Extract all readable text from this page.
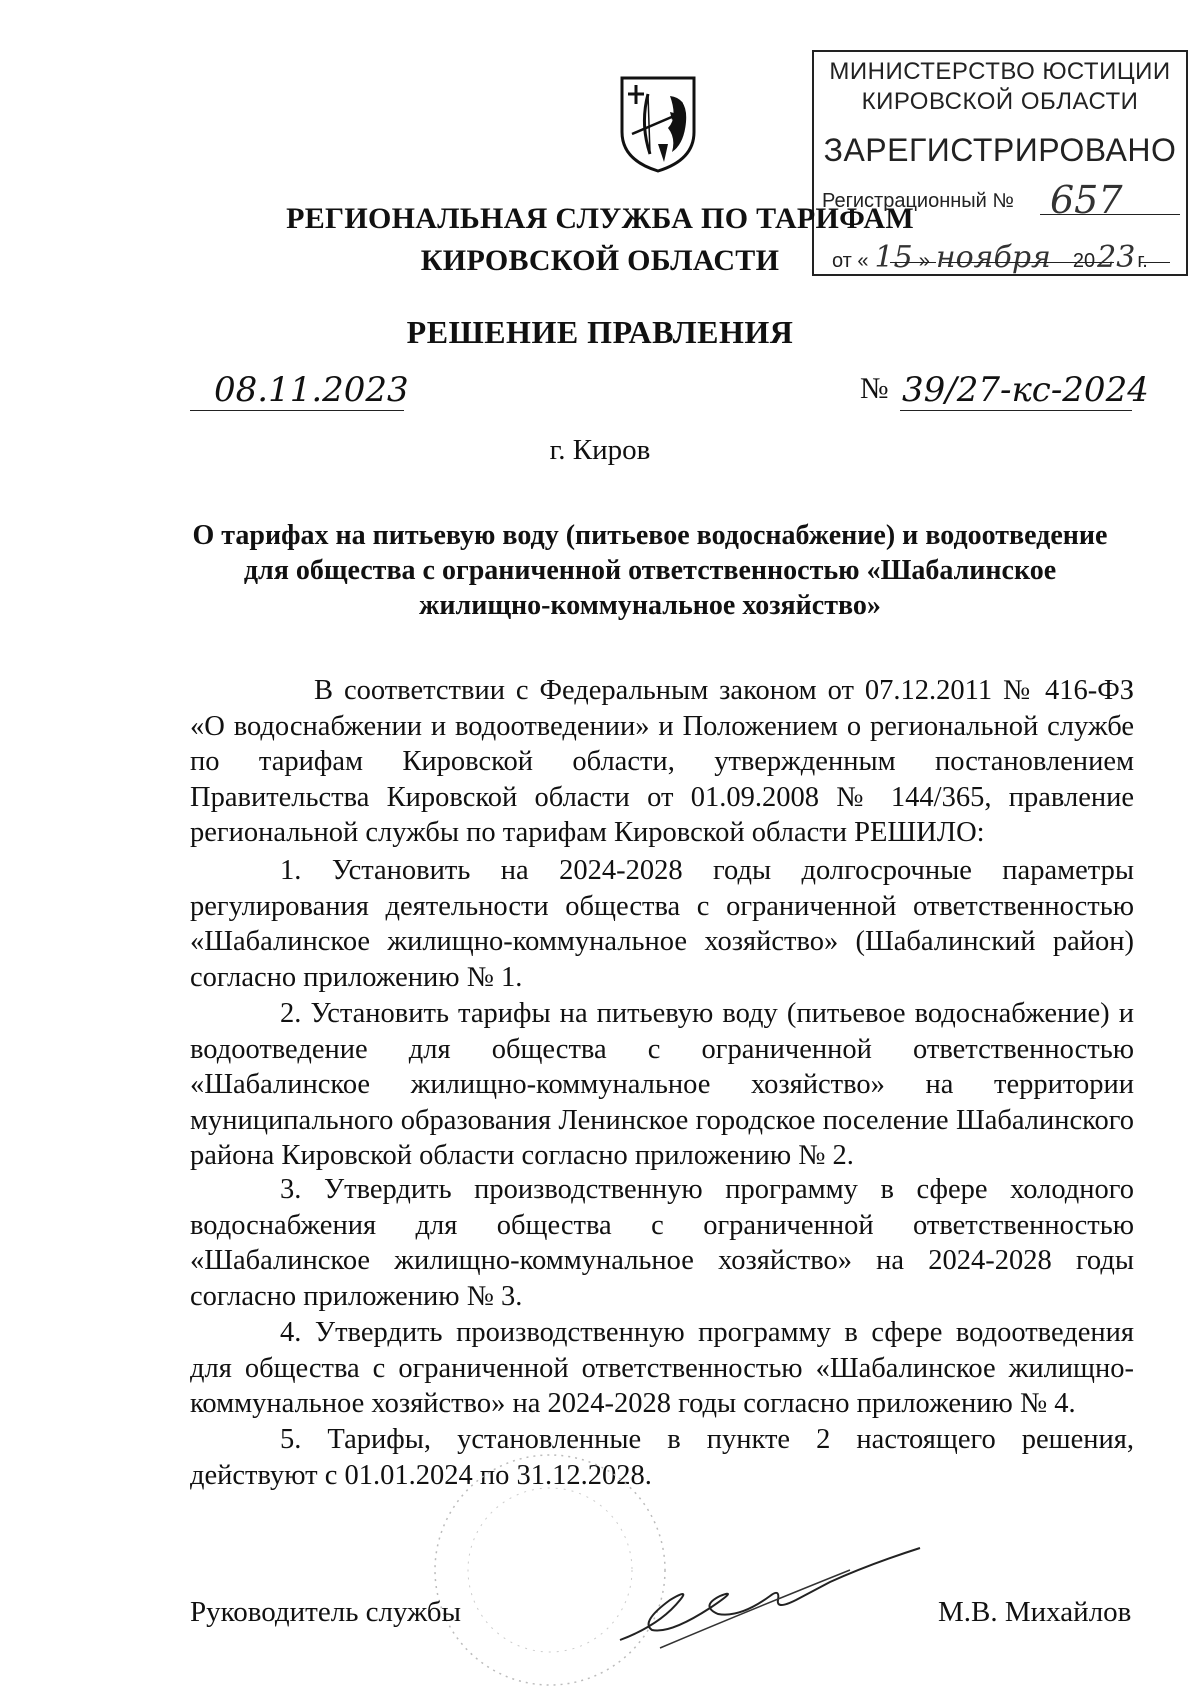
МИНИСТЕРСТВО ЮСТИЦИИ
КИРОВСКОЙ ОБЛАСТИ
ЗАРЕГИСТРИРОВАНО
Регистрационный № 657
от « 15 » ноября 2023 г.
РЕГИОНАЛЬНАЯ СЛУЖБА ПО ТАРИФАМ
КИРОВСКОЙ ОБЛАСТИ
РЕШЕНИЕ ПРАВЛЕНИЯ
08.11.2023	№ 39/27-кс-2024
г. Киров
О тарифах на питьевую воду (питьевое водоснабжение) и водоотведение для общества с ограниченной ответственностью «Шабалинское жилищно-коммунальное хозяйство»
В соответствии с Федеральным законом от 07.12.2011 № 416-ФЗ «О водоснабжении и водоотведении» и Положением о региональной службе по тарифам Кировской области, утвержденным постановлением Правительства Кировской области от 01.09.2008 № 144/365, правление региональной службы по тарифам Кировской области РЕШИЛО:
1. Установить на 2024-2028 годы долгосрочные параметры регулирования деятельности общества с ограниченной ответственностью «Шабалинское жилищно-коммунальное хозяйство» (Шабалинский район) согласно приложению № 1.
2. Установить тарифы на питьевую воду (питьевое водоснабжение) и водоотведение для общества с ограниченной ответственностью «Шабалинское жилищно-коммунальное хозяйство» на территории муниципального образования Ленинское городское поселение Шабалинского района Кировской области согласно приложению № 2.
3. Утвердить производственную программу в сфере холодного водоснабжения для общества с ограниченной ответственностью «Шабалинское жилищно-коммунальное хозяйство» на 2024-2028 годы согласно приложению № 3.
4. Утвердить производственную программу в сфере водоотведения для общества с ограниченной ответственностью «Шабалинское жилищно-коммунальное хозяйство» на 2024-2028 годы согласно приложению № 4.
5. Тарифы, установленные в пункте 2 настоящего решения, действуют с 01.01.2024 по 31.12.2028.
Руководитель службы	М.В. Михайлов
